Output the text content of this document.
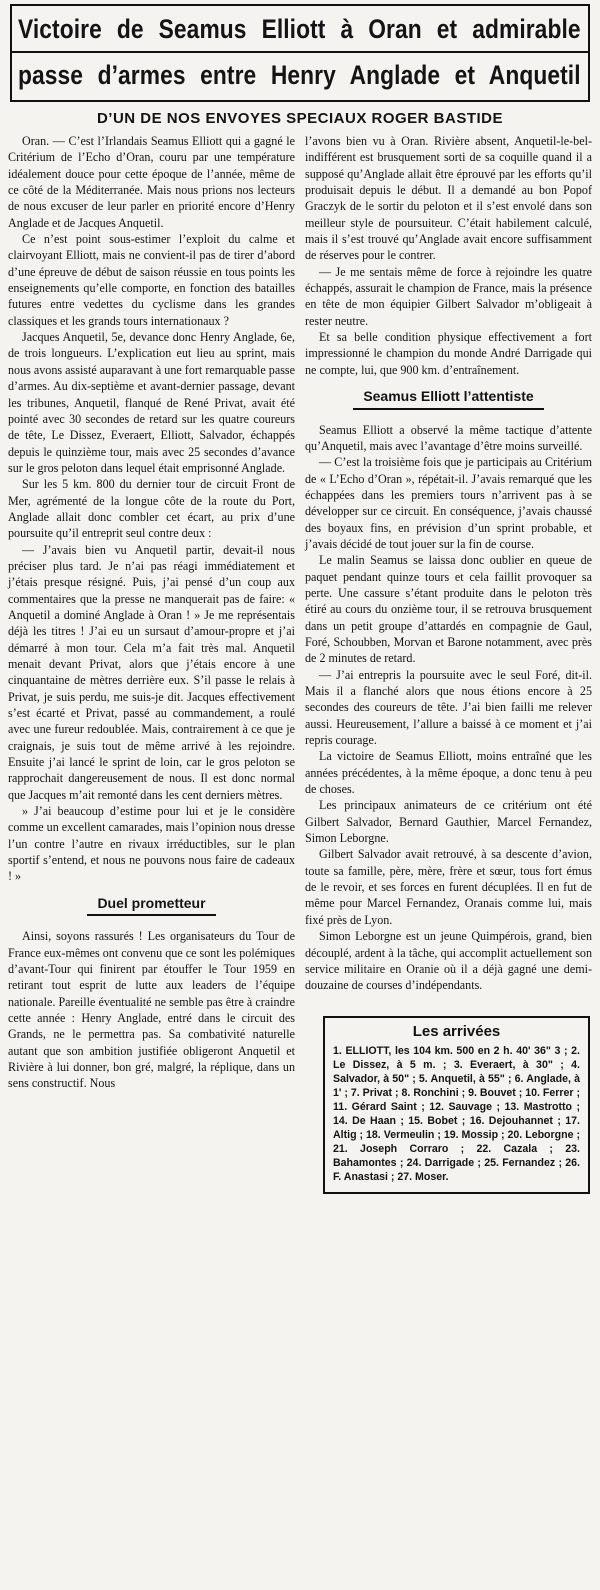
Victoire de Seamus Elliott à Oran et admirable
passe d’armes entre Henry Anglade et Anquetil
D’UN DE NOS ENVOYES SPECIAUX ROGER BASTIDE

Oran. — C’est l’Irlandais Seamus Elliott qui a gagné le Critérium de l’Echo d’Oran, couru par une température idéalement douce pour cette époque de l’année, même de ce côté de la Méditerranée. Mais nous prions nos lecteurs de nous excuser de leur parler en priorité encore d’Henry Anglade et de Jacques Anquetil.

Ce n’est point sous-estimer l’exploit du calme et clairvoyant Elliott, mais ne convient-il pas de tirer d’abord d’une épreuve de début de saison réussie en tous points les enseignements qu’elle comporte, en fonction des batailles futures entre vedettes du cyclisme dans les grandes classiques et les grands tours internationaux ?

Jacques Anquetil, 5e, devance donc Henry Anglade, 6e, de trois longueurs. L’explication eut lieu au sprint, mais nous avons assisté auparavant à une fort remarquable passe d’armes. Au dix-septième et avant-dernier passage, devant les tribunes, Anquetil, flanqué de René Privat, avait été pointé avec 30 secondes de retard sur les quatre coureurs de tête, Le Dissez, Everaert, Elliott, Salvador, échappés depuis le quinzième tour, mais avec 25 secondes d’avance sur le gros peloton dans lequel était emprisonné Anglade.

Sur les 5 km. 800 du dernier tour de circuit Front de Mer, agrémenté de la longue côte de la route du Port, Anglade allait donc combler cet écart, au prix d’une poursuite qu’il entreprit seul contre deux :

— J’avais bien vu Anquetil partir, devait-il nous préciser plus tard. Je n’ai pas réagi immédiatement et j’étais presque résigné. Puis, j’ai pensé d’un coup aux commentaires que la presse ne manquerait pas de faire: « Anquetil a dominé Anglade à Oran ! » Je me représentais déjà les titres ! J’ai eu un sursaut d’amour-propre et j’ai démarré à mon tour. Cela m’a fait très mal. Anquetil menait devant Privat, alors que j’étais encore à une cinquantaine de mètres derrière eux. S’il passe le relais à Privat, je suis perdu, me suis-je dit. Jacques effectivement s’est écarté et Privat, passé au commandement, a roulé avec une fureur redoublée. Mais, contrairement à ce que je craignais, je suis tout de même arrivé à les rejoindre. Ensuite j’ai lancé le sprint de loin, car le gros peloton se rapprochait dangereusement de nous. Il est donc normal que Jacques m’ait remonté dans les cent derniers mètres.

» J’ai beaucoup d’estime pour lui et je le considère comme un excellent camarades, mais l’opinion nous dresse l’un contre l’autre en rivaux irréductibles, sur le plan sportif s’entend, et nous ne pouvons nous faire de cadeaux ! »

Duel prometteur

Ainsi, soyons rassurés ! Les organisateurs du Tour de France eux-mêmes ont convenu que ce sont les polémiques d’avant-Tour qui finirent par étouffer le Tour 1959 en retirant tout esprit de lutte aux leaders de l’équipe nationale. Pareille éventualité ne semble pas être à craindre cette année : Henry Anglade, entré dans le circuit des Grands, ne le permettra pas. Sa combativité naturelle autant que son ambition justifiée obligeront Anquetil et Rivière à lui donner, bon gré, malgré, la réplique, dans un sens constructif. Nous

l’avons bien vu à Oran. Rivière absent, Anquetil-le-bel-indifférent est brusquement sorti de sa coquille quand il a supposé qu’Anglade allait être éprouvé par les efforts qu’il produisait depuis le début. Il a demandé au bon Popof Graczyk de le sortir du peloton et il s’est envolé dans son meilleur style de poursuiteur. C’était habilement calculé, mais il s’est trouvé qu’Anglade avait encore suffisamment de réserves pour le contrer.

— Je me sentais même de force à rejoindre les quatre échappés, assurait le champion de France, mais la présence en tête de mon équipier Gilbert Salvador m’obligeait à rester neutre.

Et sa belle condition physique effectivement a fort impressionné le champion du monde André Darrigade qui ne compte, lui, que 900 km. d’entraînement.

Seamus Elliott l’attentiste

Seamus Elliott a observé la même tactique d’attente qu’Anquetil, mais avec l’avantage d’être moins surveillé.

— C’est la troisième fois que je participais au Critérium de « L’Echo d’Oran », répétait-il. J’avais remarqué que les échappées dans les premiers tours n’arrivent pas à se développer sur ce circuit. En conséquence, j’avais chaussé des boyaux fins, en prévision d’un sprint probable, et j’avais décidé de tout jouer sur la fin de course.

Le malin Seamus se laissa donc oublier en queue de paquet pendant quinze tours et cela faillit provoquer sa perte. Une cassure s’étant produite dans le peloton très étiré au cours du onzième tour, il se retrouva brusquement dans un petit groupe d’attardés en compagnie de Gaul, Foré, Schoubben, Morvan et Barone notamment, avec près de 2 minutes de retard.

— J’ai entrepris la poursuite avec le seul Foré, dit-il. Mais il a flanché alors que nous étions encore à 25 secondes des coureurs de tête. J’ai bien failli me relever aussi. Heureusement, l’allure a baissé à ce moment et j’ai repris courage.

La victoire de Seamus Elliott, moins entraîné que les années précédentes, à la même époque, a donc tenu à peu de choses.

Les principaux animateurs de ce critérium ont été Gilbert Salvador, Bernard Gauthier, Marcel Fernandez, Simon Leborgne.

Gilbert Salvador avait retrouvé, à sa descente d’avion, toute sa famille, père, mère, frère et sœur, tous fort émus de le revoir, et ses forces en furent décuplées. Il en fut de même pour Marcel Fernandez, Oranais comme lui, mais fixé près de Lyon.

Simon Leborgne est un jeune Quimpérois, grand, bien découplé, ardent à la tâche, qui accomplit actuellement son service militaire en Oranie où il a déjà gagné une demi-douzaine de courses d’indépendants.

Les arrivées
1. ELLIOTT, les 104 km. 500 en 2 h. 40' 36" 3 ; 2. Le Dissez, à 5 m. ; 3. Everaert, à 30" ; 4. Salvador, à 50" ; 5. Anquetil, à 55" ; 6. Anglade, à 1' ; 7. Privat ; 8. Ronchini ; 9. Bouvet ; 10. Ferrer ; 11. Gérard Saint ; 12. Sauvage ; 13. Mastrotto ; 14. De Haan ; 15. Bobet ; 16. Dejouhannet ; 17. Altig ; 18. Vermeulin ; 19. Mossip ; 20. Leborgne ; 21. Joseph Corraro ; 22. Cazala ; 23. Bahamontes ; 24. Darrigade ; 25. Fernandez ; 26. F. Anastasi ; 27. Moser.
